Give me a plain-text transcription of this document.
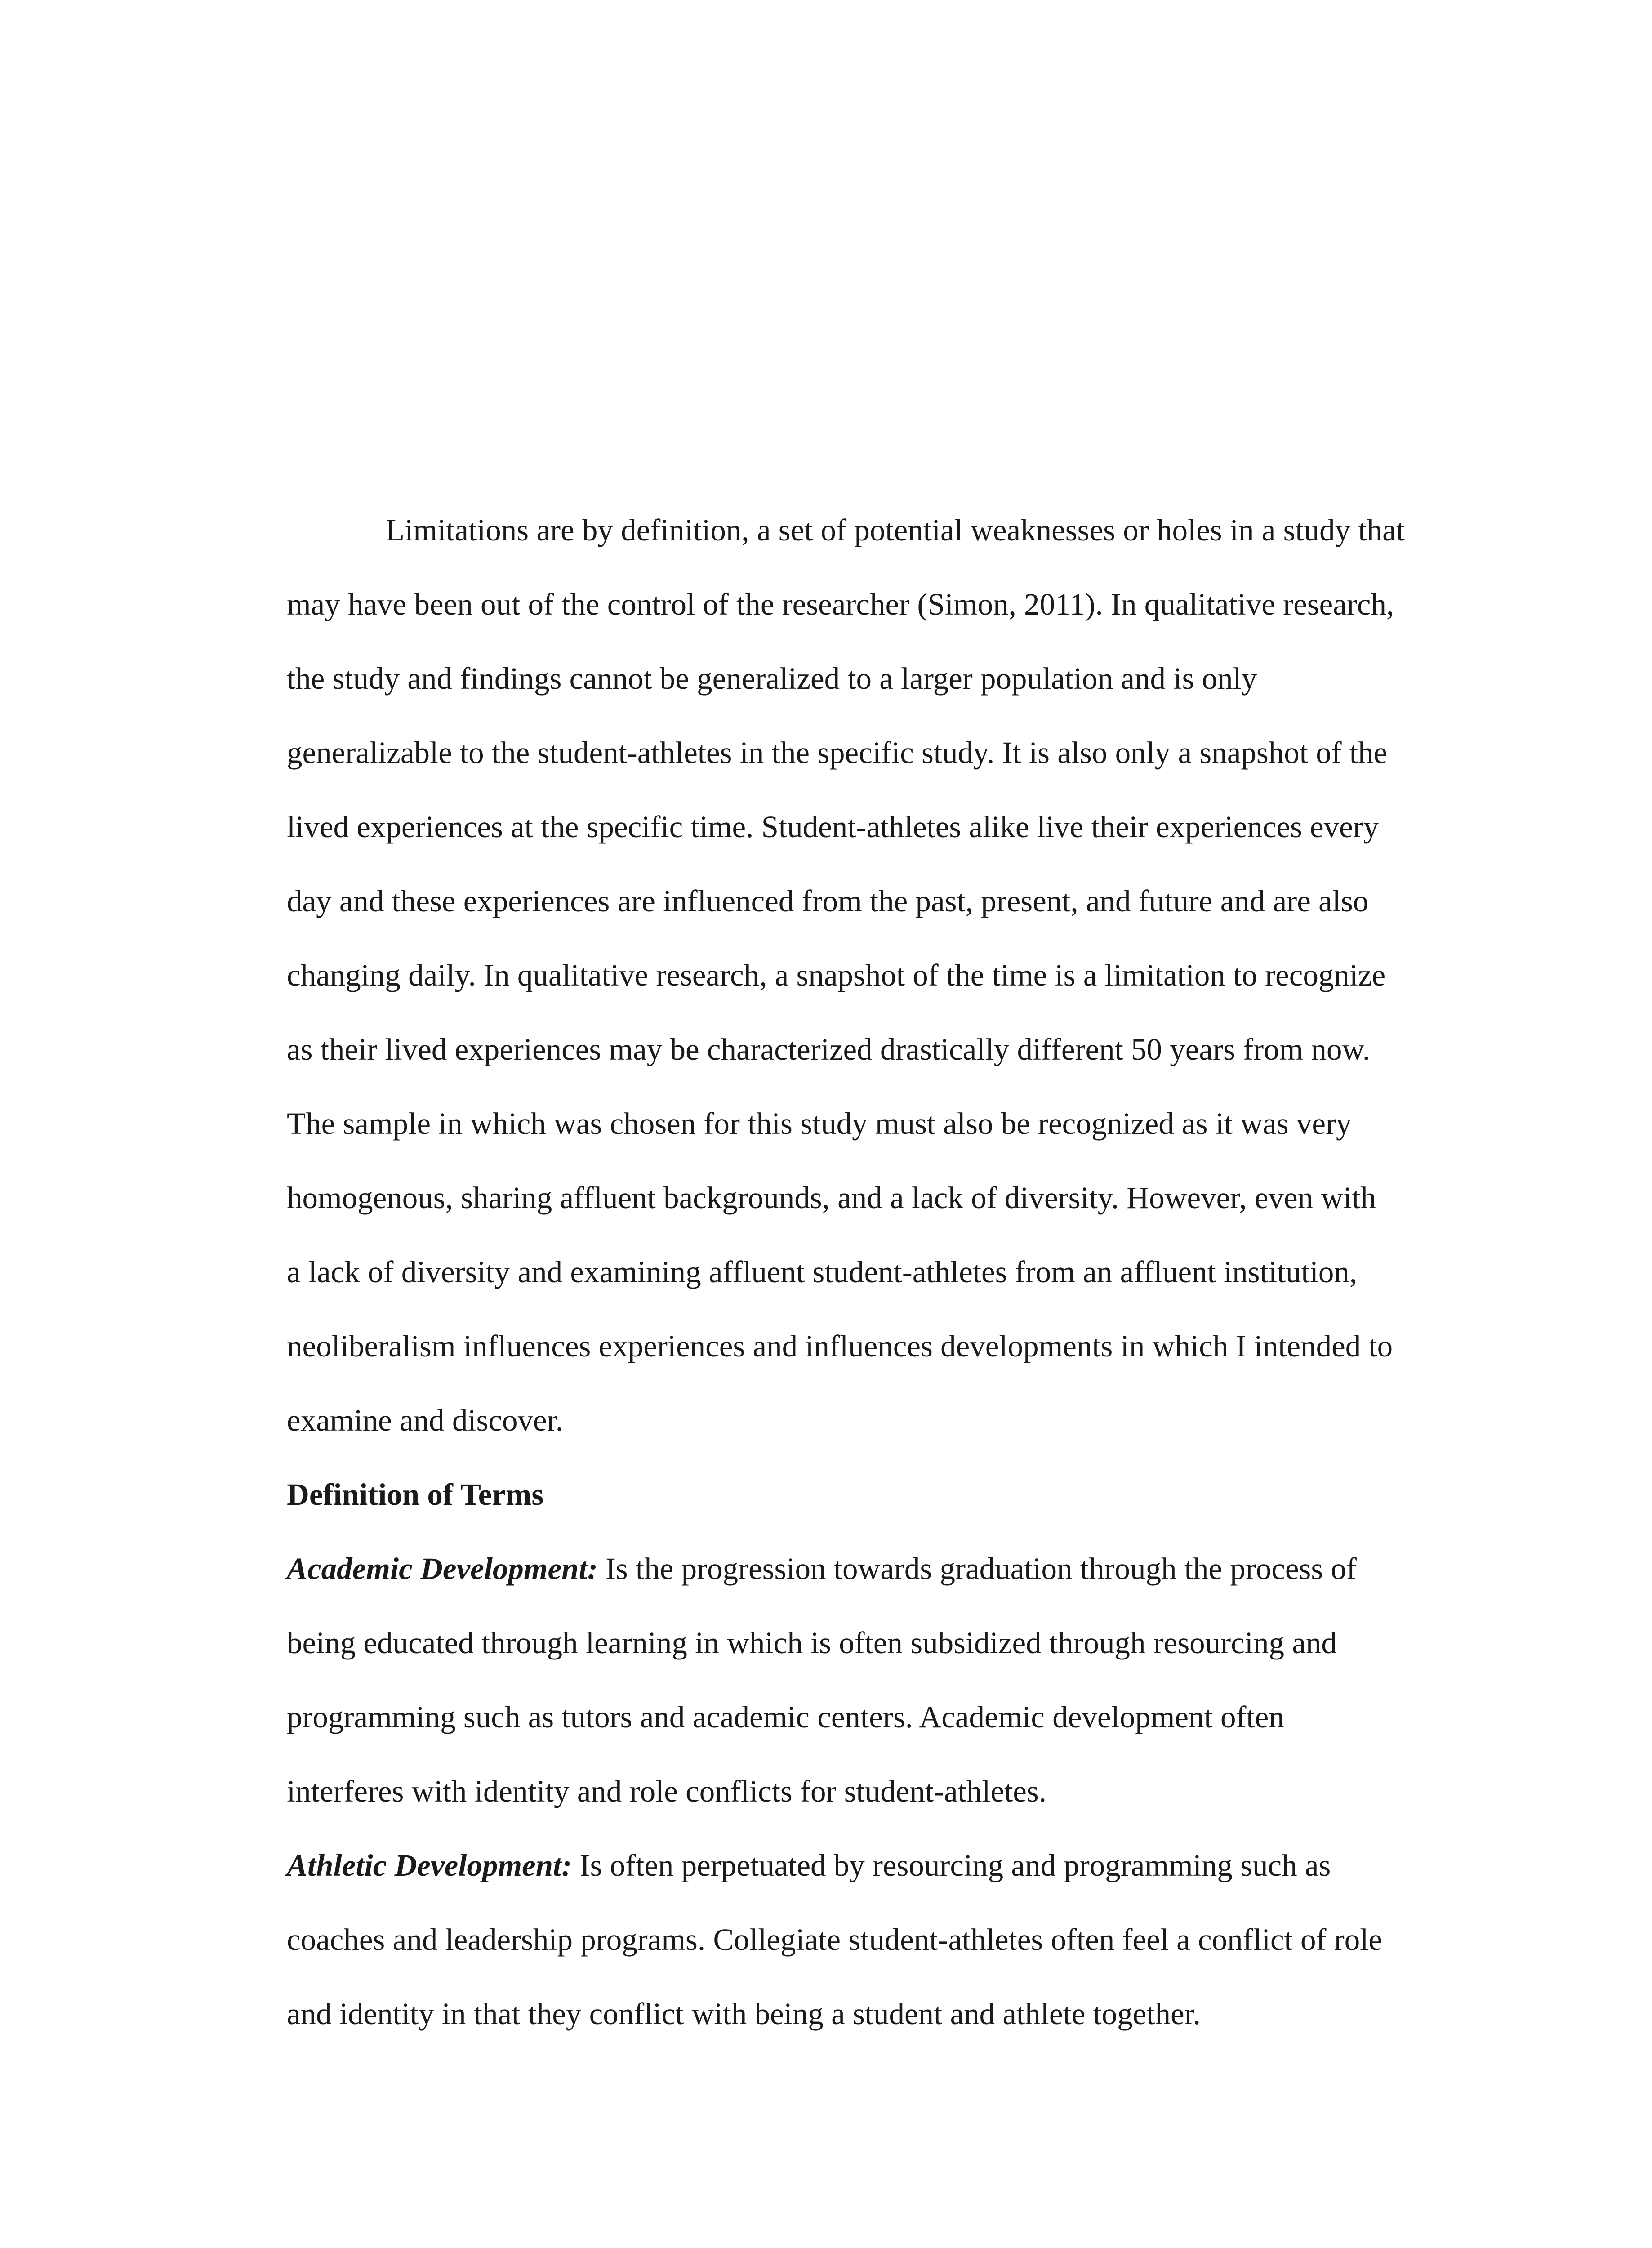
Limitations are by definition, a set of potential weaknesses or holes in a study that
may have been out of the control of the researcher (Simon, 2011). In qualitative research,
the study and findings cannot be generalized to a larger population and is only
generalizable to the student-athletes in the specific study. It is also only a snapshot of the
lived experiences at the specific time. Student-athletes alike live their experiences every
day and these experiences are influenced from the past, present, and future and are also
changing daily. In qualitative research, a snapshot of the time is a limitation to recognize
as their lived experiences may be characterized drastically different 50 years from now.
The sample in which was chosen for this study must also be recognized as it was very
homogenous, sharing affluent backgrounds, and a lack of diversity. However, even with
a lack of diversity and examining affluent student-athletes from an affluent institution,
neoliberalism influences experiences and influences developments in which I intended to
examine and discover.
Definition of Terms
Academic Development: Is the progression towards graduation through the process of
being educated through learning in which is often subsidized through resourcing and
programming such as tutors and academic centers. Academic development often
interferes with identity and role conflicts for student-athletes.
Athletic Development: Is often perpetuated by resourcing and programming such as
coaches and leadership programs. Collegiate student-athletes often feel a conflict of role
and identity in that they conflict with being a student and athlete together.
